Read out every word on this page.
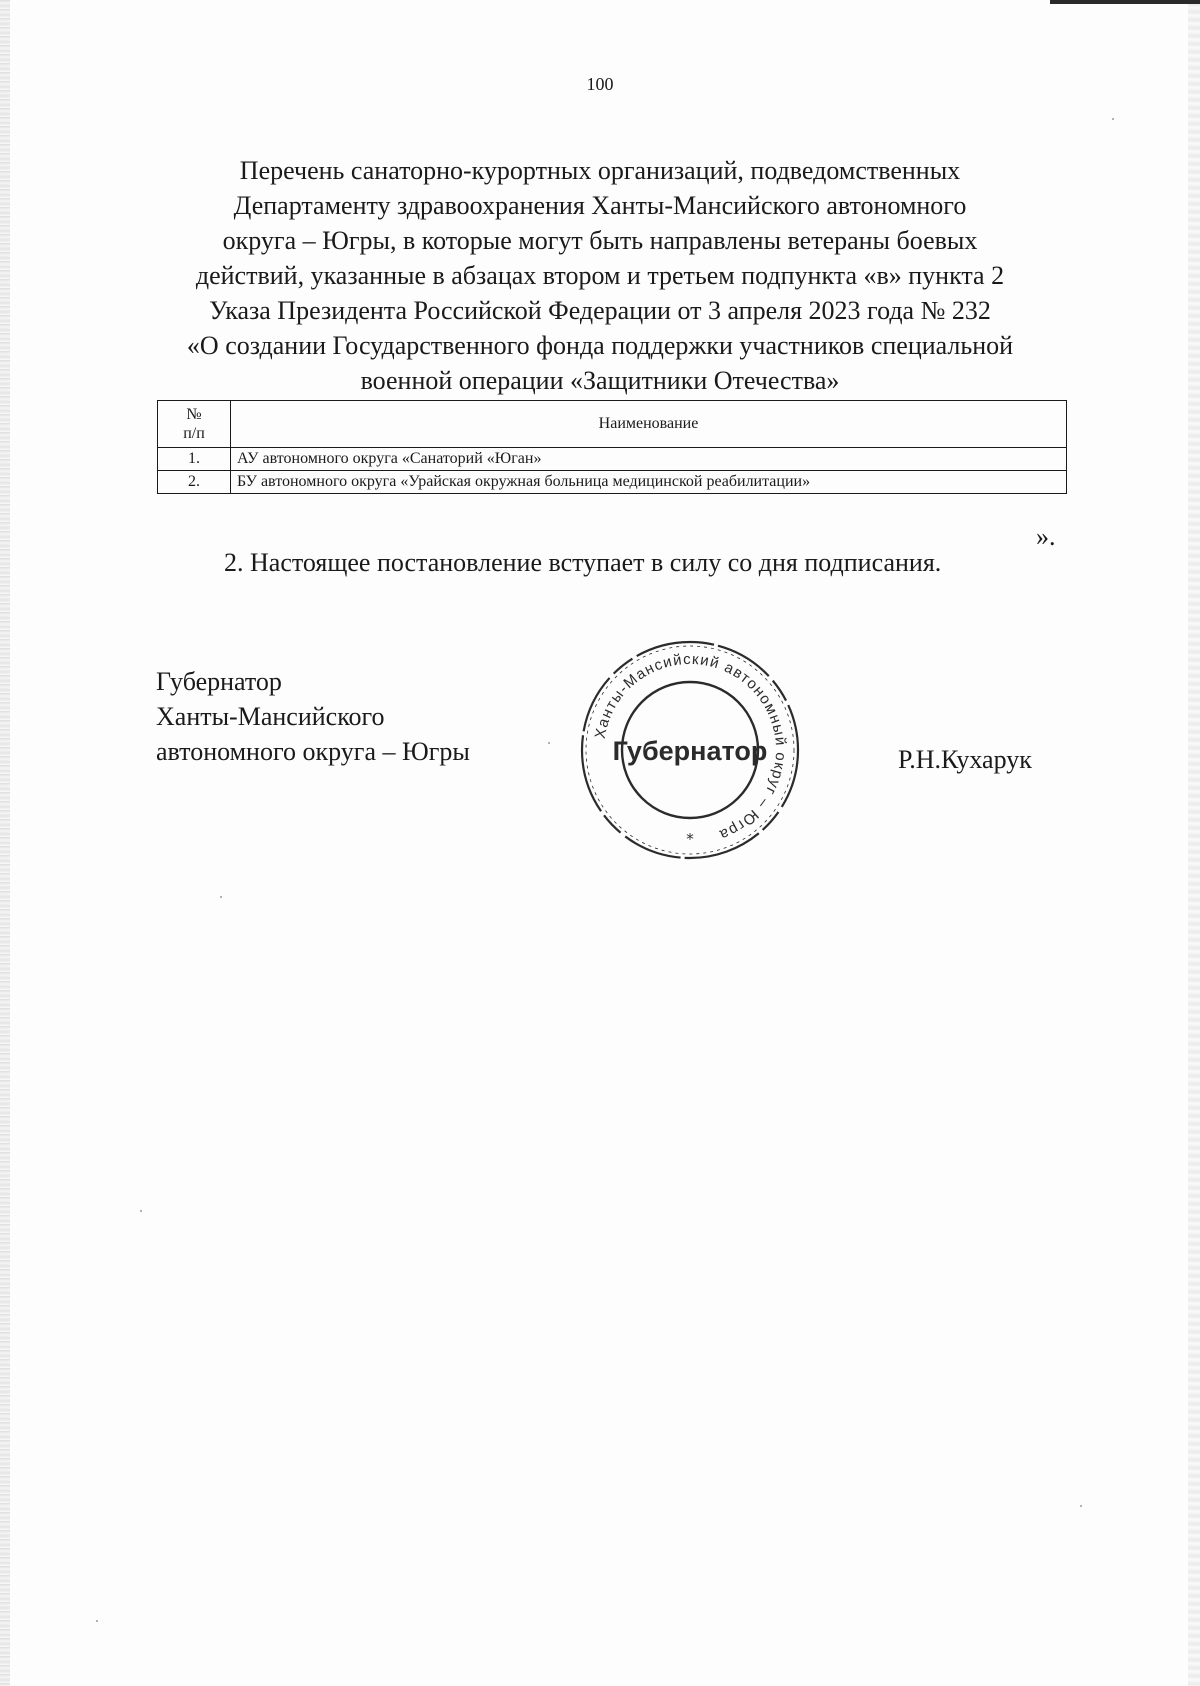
100
Перечень санаторно-курортных организаций, подведомственных
Департаменту здравоохранения Ханты-Мансийского автономного
округа – Югры, в которые могут быть направлены ветераны боевых
действий, указанные в абзацах втором и третьем подпункта «в» пункта 2
Указа Президента Российской Федерации от 3 апреля 2023 года № 232
«О создании Государственного фонда поддержки участников специальной
военной операции «Защитники Отечества»
№
п/п	Наименование
1.	АУ автономного округа «Санаторий «Юган»
2.	БУ автономного округа «Урайская окружная больница медицинской реабилитации»
».
2. Настоящее постановление вступает в силу со дня подписания.
Губернатор
Ханты-Мансийского
автономного округа – Югры
Ханты-Мансийский автономный округ – Югра
Губернатор
*
Р.Н.Кухарук
